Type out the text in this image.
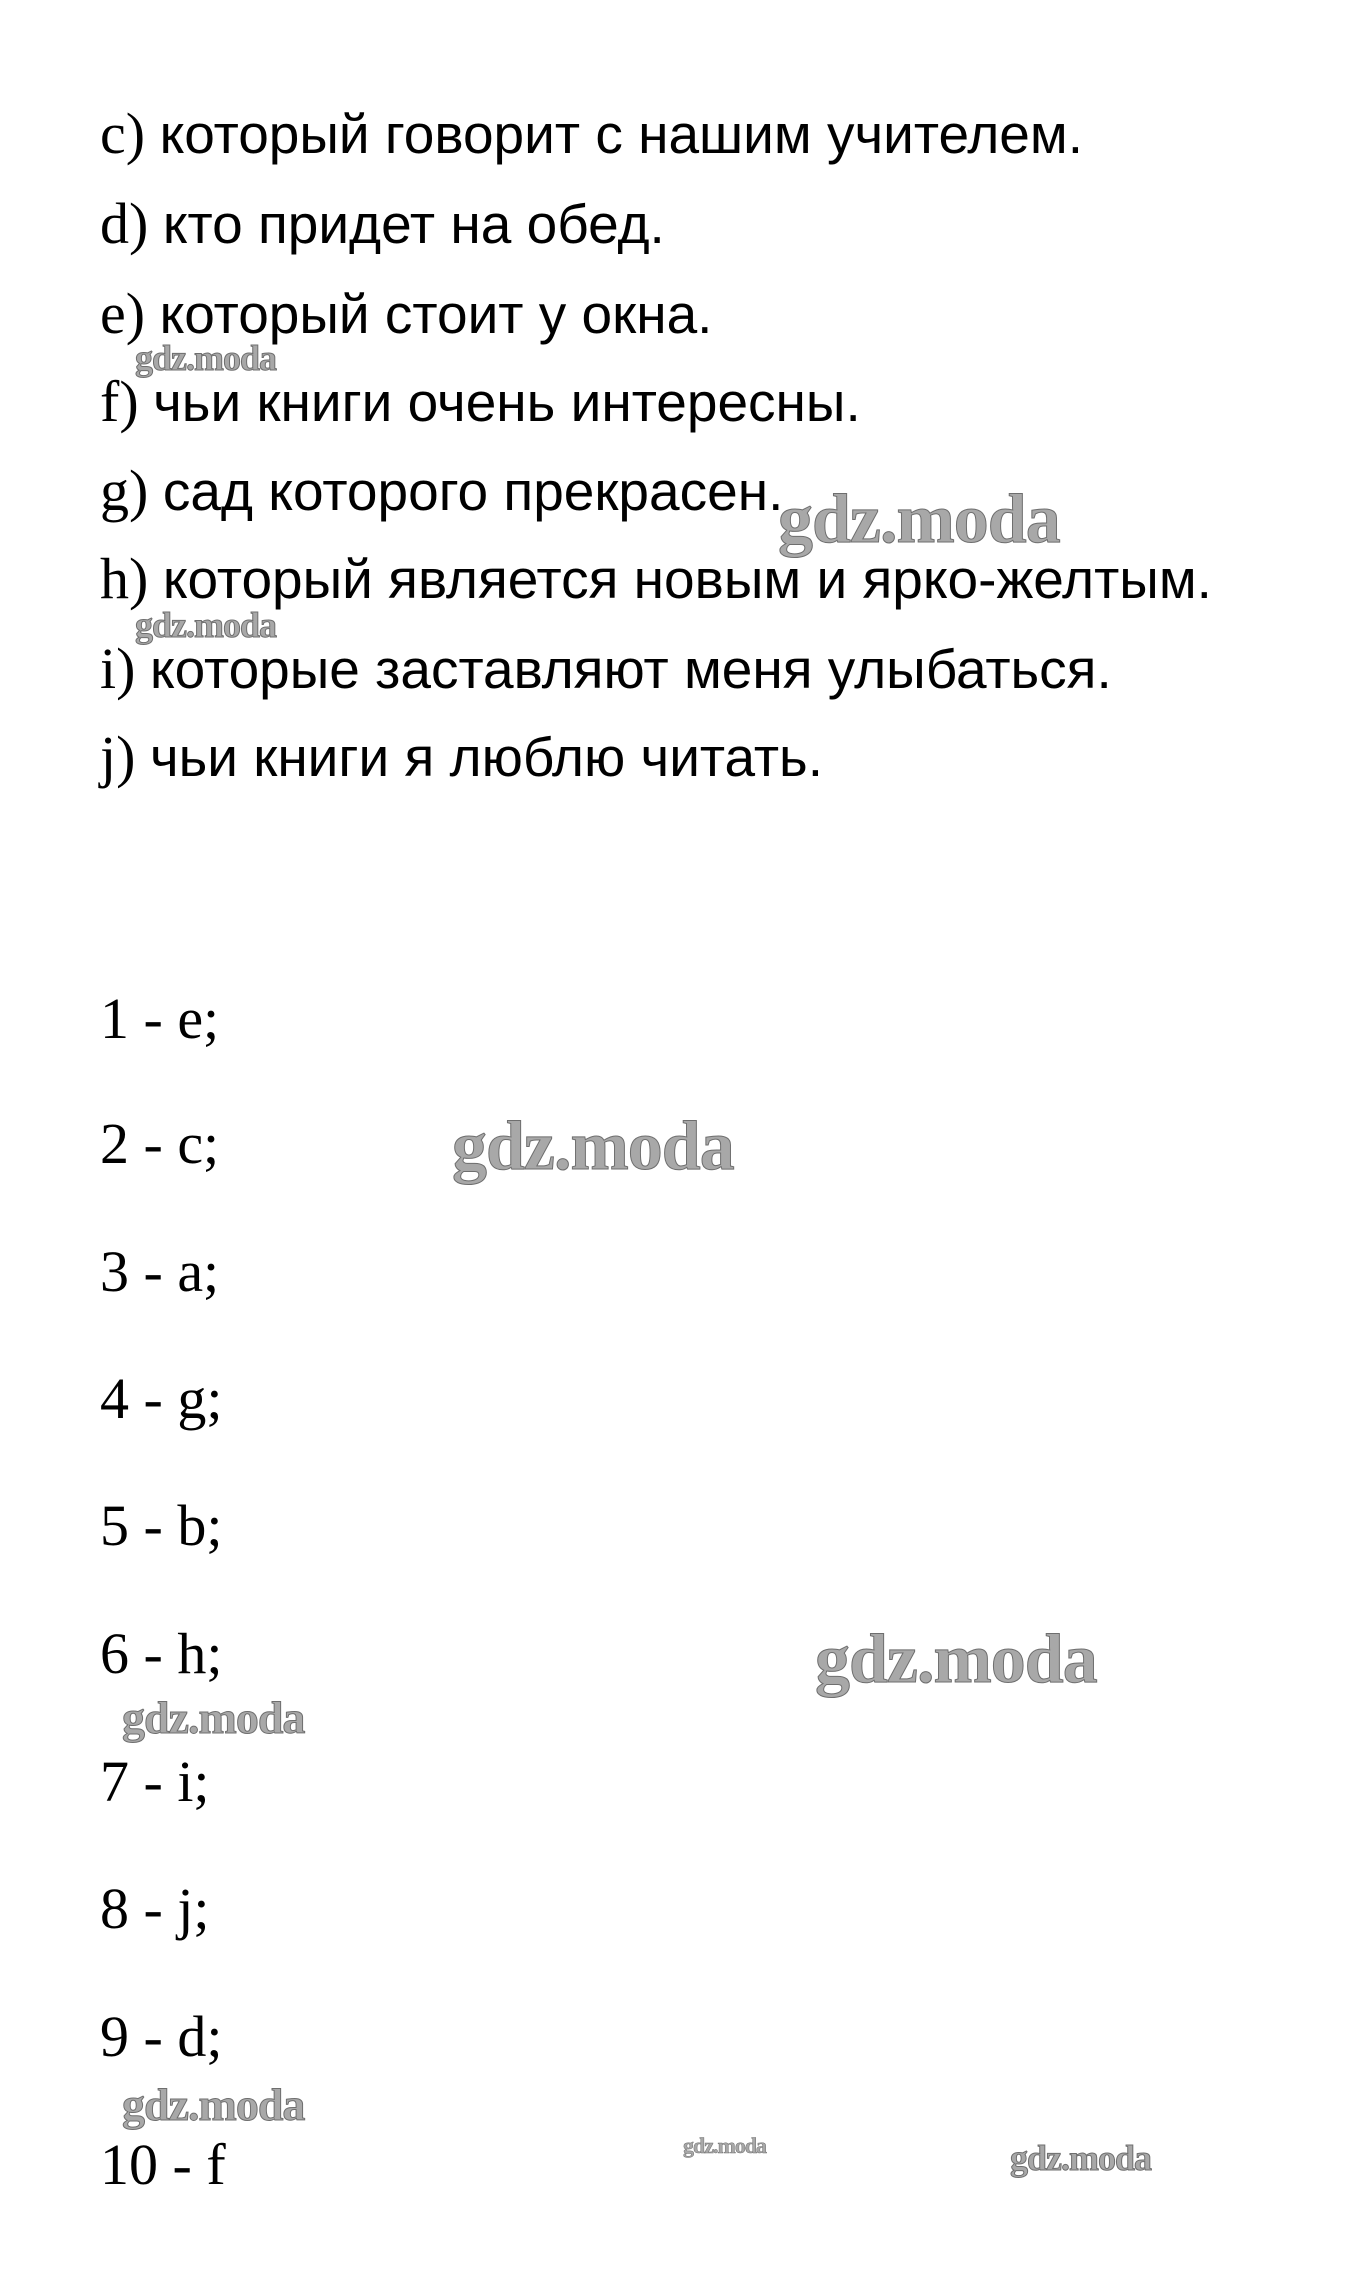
c) который говорит с нашим учителем.
d) кто придет на обед.
e) который стоит у окна.
f) чьи книги очень интересны.
g) сад которого прекрасен.
h) который является новым и ярко-желтым.
i) которые заставляют меня улыбаться.
j) чьи книги я люблю читать.
1 - e;
2 - c;
3 - a;
4 - g;
5 - b;
6 - h;
7 - i;
8 - j;
9 - d;
10 - f
gdz.moda
gdz.moda
gdz.moda
gdz.moda
gdz.moda
gdz.moda
gdz.moda
gdz.moda	gdz.moda
